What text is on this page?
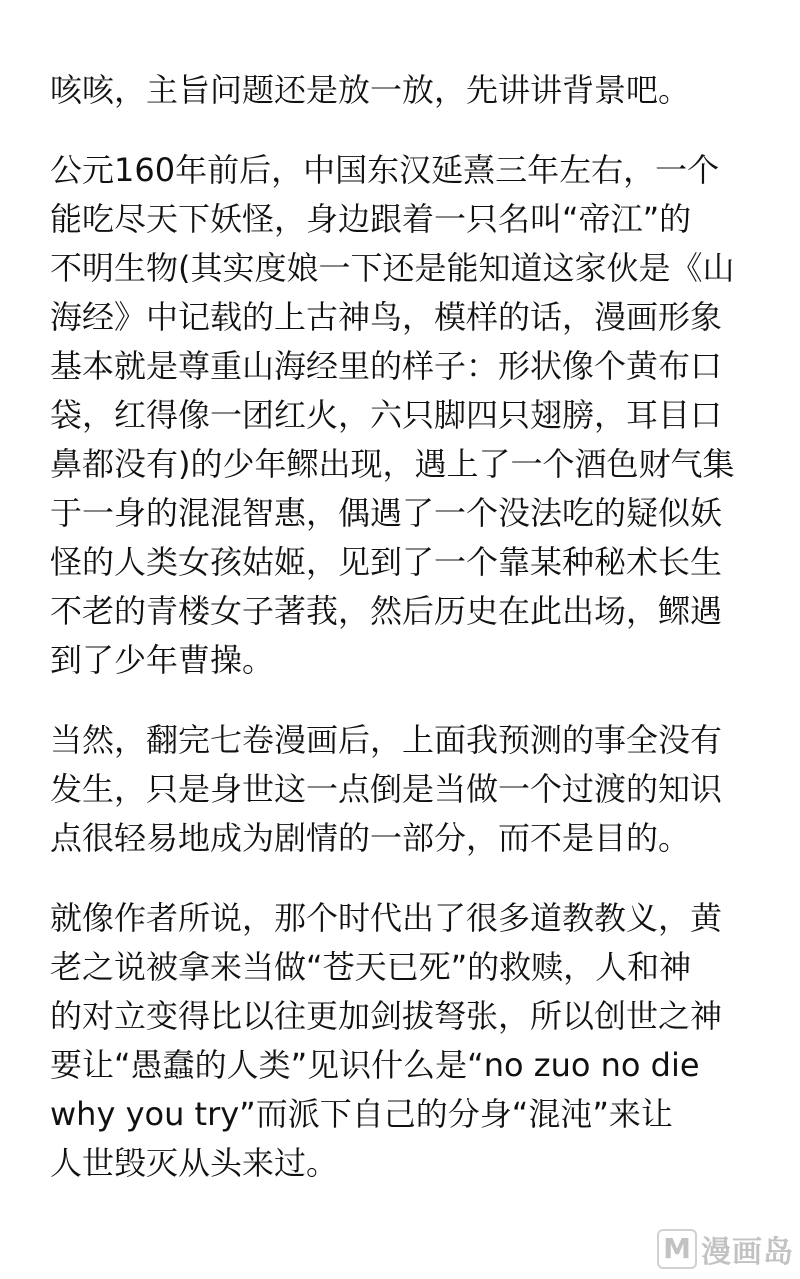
咳咳，主旨问题还是放一放，先讲讲背景吧。
公元160年前后，中国东汉延熹三年左右，一个
能吃尽天下妖怪，身边跟着一只名叫“帝江”的
不明生物(其实度娘一下还是能知道这家伙是《山
海经》中记载的上古神鸟，模样的话，漫画形象
基本就是尊重山海经里的样子：形状像个黄布口
袋，红得像一团红火，六只脚四只翅膀，耳目口
鼻都没有)的少年鳏出现，遇上了一个酒色财气集
于一身的混混智惠，偶遇了一个没法吃的疑似妖
怪的人类女孩姑姬，见到了一个靠某种秘术长生
不老的青楼女子著莪，然后历史在此出场，鳏遇
到了少年曹操。
当然，翻完七卷漫画后，上面我预测的事全没有
发生，只是身世这一点倒是当做一个过渡的知识
点很轻易地成为剧情的一部分，而不是目的。
就像作者所说，那个时代出了很多道教教义，黄
老之说被拿来当做“苍天已死”的救赎，人和神
的对立变得比以往更加剑拔弩张，所以创世之神
要让“愚蠢的人类”见识什么是“no zuo no die
why you try”而派下自己的分身“混沌”来让
人世毁灭从头来过。
M 漫画岛
